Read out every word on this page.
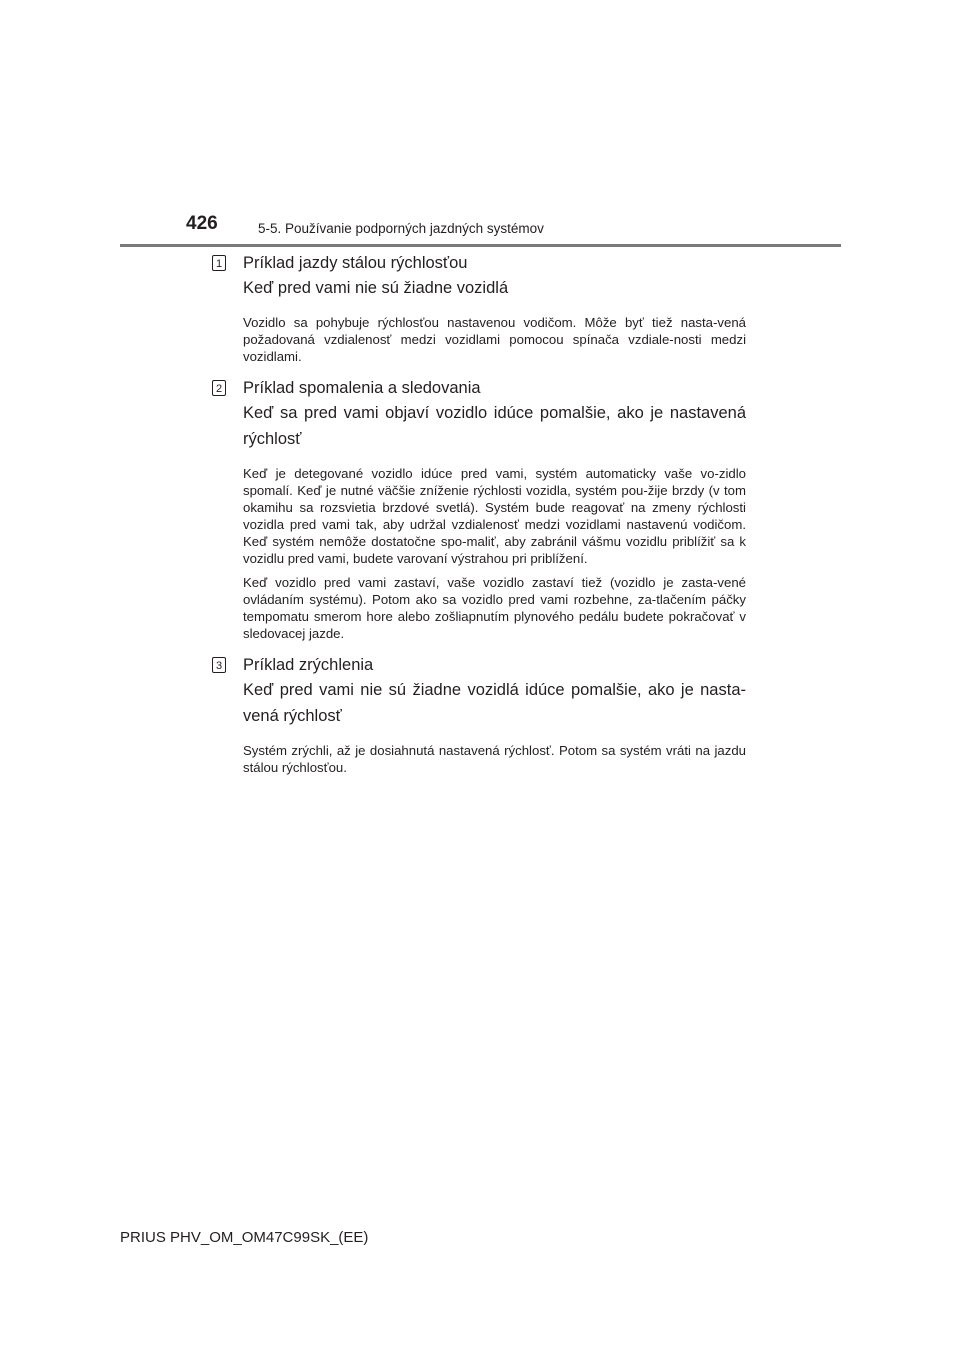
426	5-5. Používanie podporných jazdných systémov
1 Príklad jazdy stálou rýchlosťou

Keď pred vami nie sú žiadne vozidlá

Vozidlo sa pohybuje rýchlosťou nastavenou vodičom. Môže byť tiež nasta-vená požadovaná vzdialenosť medzi vozidlami pomocou spínača vzdiale-nosti medzi vozidlami.

2 Príklad spomalenia a sledovania

Keď sa pred vami objaví vozidlo idúce pomalšie, ako je nastavená rýchlosť

Keď je detegované vozidlo idúce pred vami, systém automaticky vaše vo-zidlo spomalí. Keď je nutné väčšie zníženie rýchlosti vozidla, systém pou-žije brzdy (v tom okamihu sa rozsvietia brzdové svetlá). Systém bude reagovať na zmeny rýchlosti vozidla pred vami tak, aby udržal vzdialenosť medzi vozidlami nastavenú vodičom. Keď systém nemôže dostatočne spo-maliť, aby zabránil vášmu vozidlu priblížiť sa k vozidlu pred vami, budete varovaní výstrahou pri priblížení.

Keď vozidlo pred vami zastaví, vaše vozidlo zastaví tiež (vozidlo je zasta-vené ovládaním systému). Potom ako sa vozidlo pred vami rozbehne, za-tlačením páčky tempomatu smerom hore alebo zošliapnutím plynového pedálu budete pokračovať v sledovacej jazde.

3 Príklad zrýchlenia

Keď pred vami nie sú žiadne vozidlá idúce pomalšie, ako je nasta-vená rýchlosť

Systém zrýchli, až je dosiahnutá nastavená rýchlosť. Potom sa systém vráti na jazdu stálou rýchlosťou.

PRIUS PHV_OM_OM47C99SK_(EE)
